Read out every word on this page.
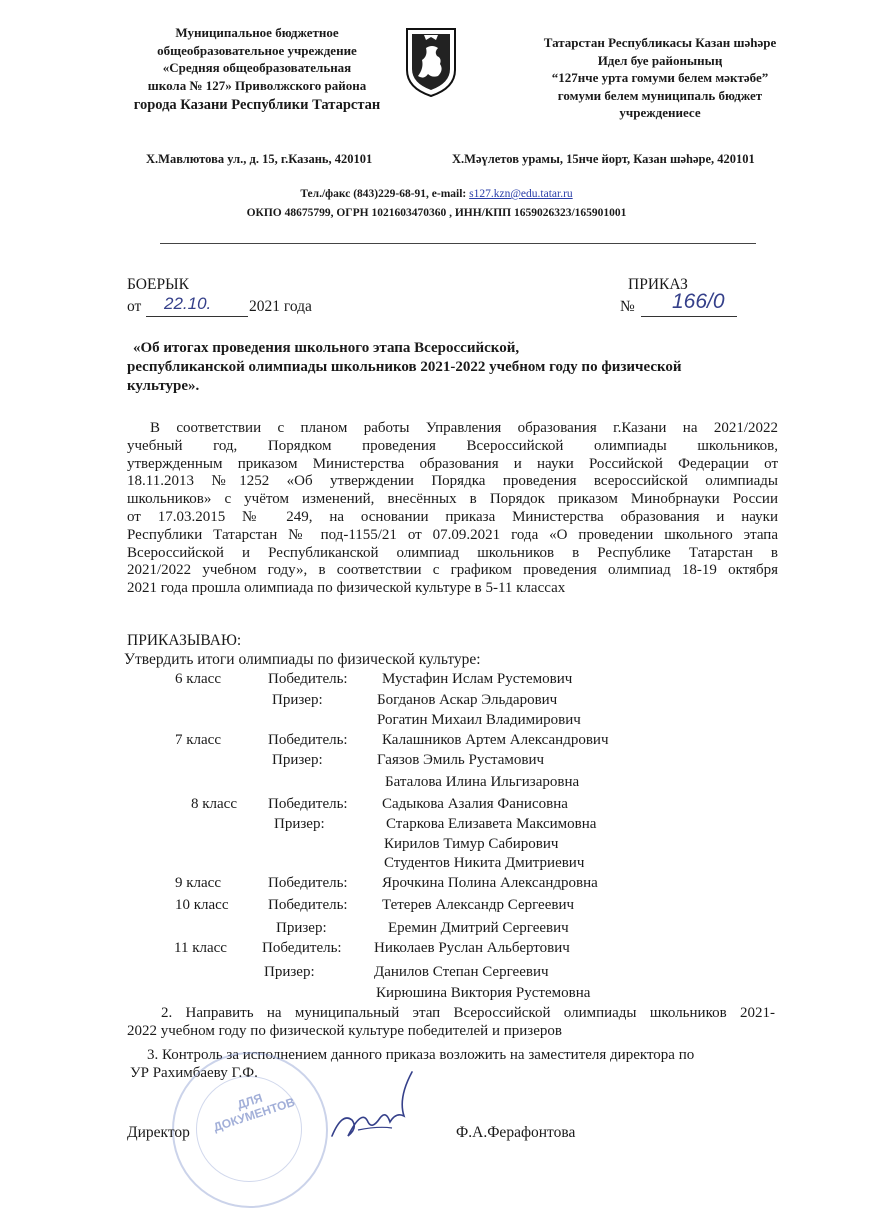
Муниципальное бюджетное
общеобразовательное учреждение
«Средняя общеобразовательная
школа № 127» Приволжского района
города Казани Республики Татарстан
Татарстан Республикасы Казан шәһәре
Идел буе районының
“127нче урта гомуми белем мәктәбе”
гомуми белем муниципаль бюджет
учреждениесе
Х.Мавлютова ул., д. 15, г.Казань, 420101	Х.Мәүлетов урамы, 15нче йорт, Казан шәһәре, 420101
Тел./факс (843)229-68-91, e-mail: s127.kzn@edu.tatar.ru
ОКПО 48675799, ОГРН 1021603470360 , ИНН/КПП 1659026323/165901001
БОЕРЫК	ПРИКАЗ
от 22.10. 2021 года	№ 166/0
«Об итогах проведения школьного этапа Всероссийской,
республиканской олимпиады школьников 2021-2022 учебном году по физической
культуре».
В соответствии с планом работы Управления образования г.Казани на 2021/2022
учебный год, Порядком проведения Всероссийской олимпиады школьников,
утвержденным приказом Министерства образования и науки Российской Федерации от
18.11.2013 №1252 «Об утверждении Порядка проведения всероссийской олимпиады
школьников» с учётом изменений, внесённых в Порядок приказом Минобрнауки России
от 17.03.2015 № 249, на основании приказа Министерства образования и науки
Республики Татарстан № под-1155/21 от 07.09.2021 года «О проведении школьного этапа
Всероссийской и Республиканской олимпиад школьников в Республике Татарстан в
2021/2022 учебном году», в соответствии с графиком проведения олимпиад 18-19 октября
2021 года прошла олимпиада по физической культуре в 5-11 классах
ПРИКАЗЫВАЮ:
Утвердить итоги олимпиады по физической культуре:
6 класс	Победитель: Мустафин Ислам Рустемович
Призер:	Богданов Аскар Эльдарович
Рогатин Михаил Владимирович
7 класс	Победитель: Калашников Артем Александрович
Призер:	Гаязов Эмиль Рустамович
Баталова Илина Ильгизаровна
8 класс Победитель: Садыкова Азалия Фанисовна
Призер:	Старкова Елизавета Максимовна
Кирилов Тимур Сабирович
Студентов Никита Дмитриевич
9 класс	Победитель: Ярочкина Полина Александровна
10 класс	Победитель: Тетерев Александр Сергеевич
Призер:	Еремин Дмитрий Сергеевич
11 класс Победитель: Николаев Руслан Альбертович
Призер:	Данилов Степан Сергеевич
Кирюшина Виктория Рустемовна
2. Направить на муниципальный этап Всероссийской олимпиады школьников 2021-
2022 учебном году по физической культуре победителей и призеров
3. Контроль за исполнением данного приказа возложить на заместителя директора по
УР Рахимбаеву Г.Ф.
ДЛЯ ДОКУМЕНТОВ
Директор	Ф.А.Ферафонтова
